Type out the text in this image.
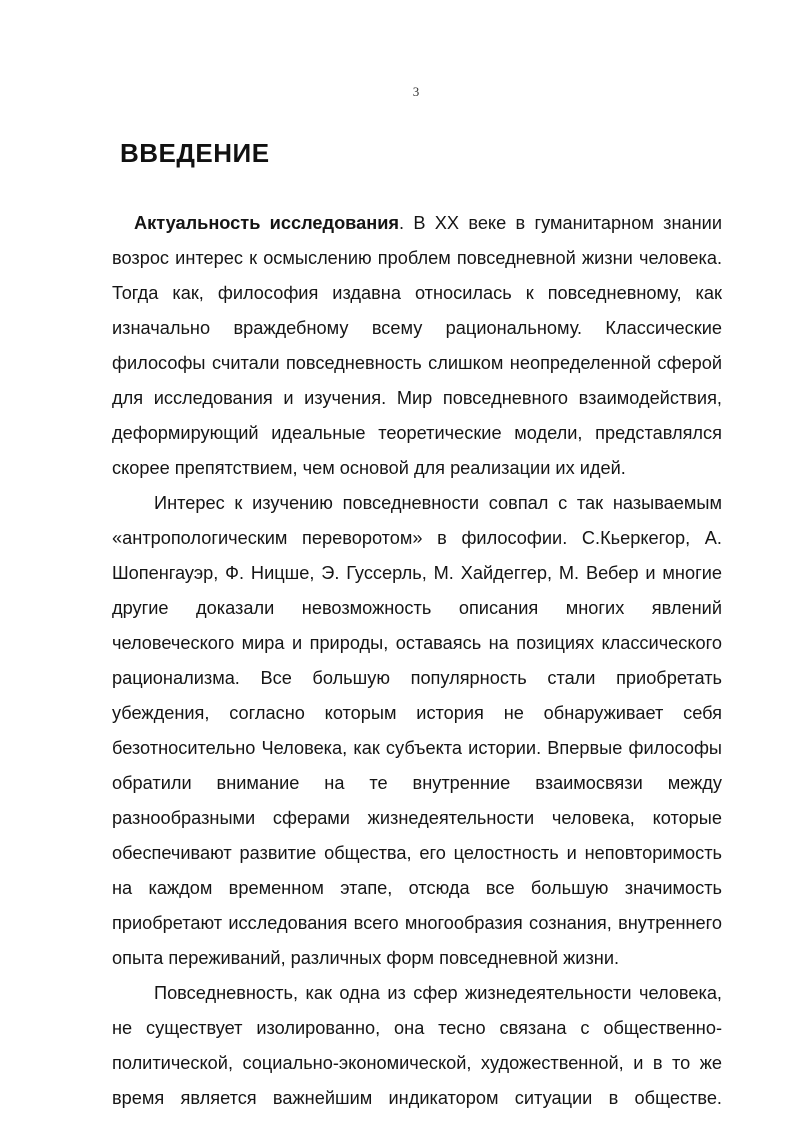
3
ВВЕДЕНИЕ

Актуальность исследования. В XX веке в гуманитарном знании возрос интерес к осмыслению проблем повседневной жизни человека. Тогда как, философия издавна относилась к повседневному, как изначально враждебному всему рациональному. Классические философы считали повседневность слишком неопределенной сферой для исследования и изучения. Мир повседневного взаимодействия, деформирующий идеальные теоретические модели, представлялся скорее препятствием, чем основой для реализации их идей.

Интерес к изучению повседневности совпал с так называемым «антропологическим переворотом» в философии. С.Кьеркегор, А. Шопенгауэр, Ф. Ницше, Э. Гуссерль, М. Хайдеггер, М. Вебер и многие другие доказали невозможность описания многих явлений человеческого мира и природы, оставаясь на позициях классического рационализма. Все большую популярность стали приобретать убеждения, согласно которым история не обнаруживает себя безотносительно Человека, как субъекта истории. Впервые философы обратили внимание на те внутренние взаимосвязи между разнообразными сферами жизнедеятельности человека, которые обеспечивают развитие общества, его целостность и неповторимость на каждом временном этапе, отсюда все большую значимость приобретают исследования всего многообразия сознания, внутреннего опыта переживаний, различных форм повседневной жизни.

Повседневность, как одна из сфер жизнедеятельности человека, не существует изолированно, она тесно связана с общественно-политической, социально-экономической, художественной, и в то же время является важнейшим индикатором ситуации в обществе.
